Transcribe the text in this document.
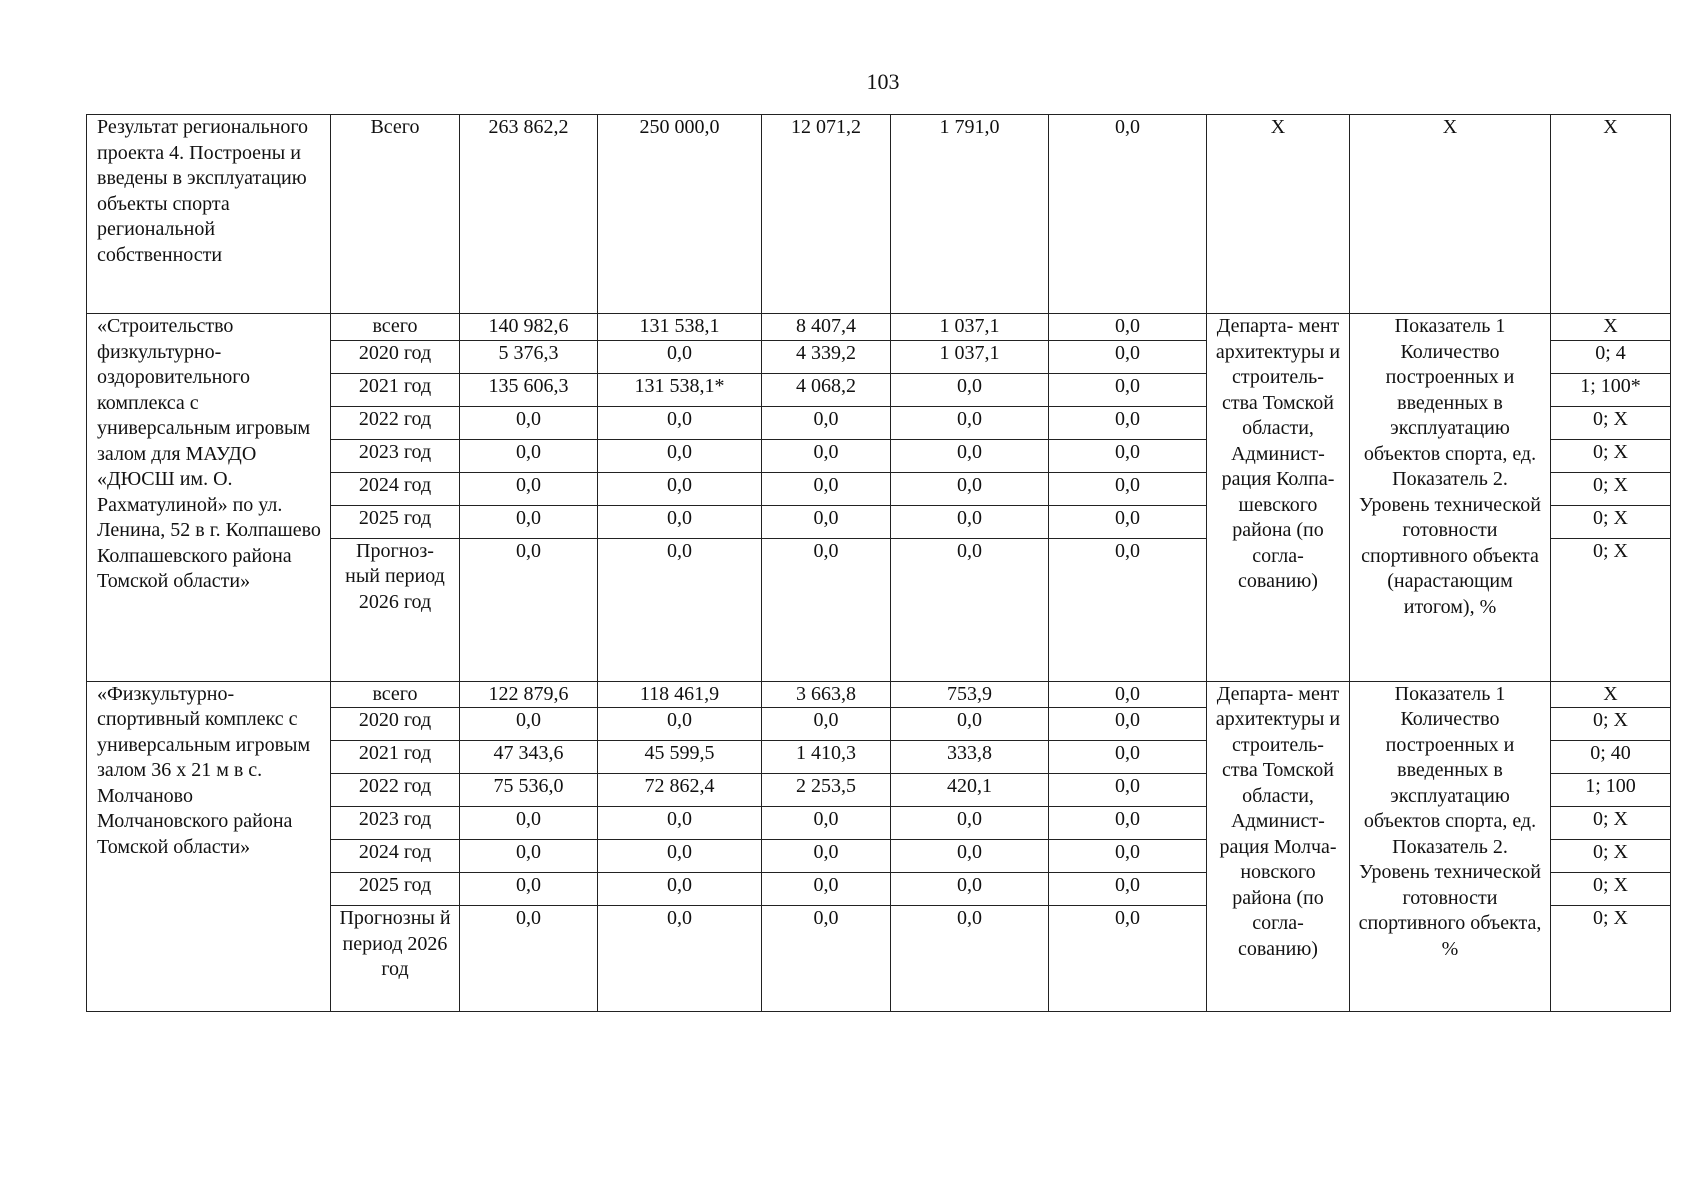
103
Результат регионального проекта 4. Построены и введены в эксплуатацию объекты спорта региональной собственности	Всего	263 862,2	250 000,0	12 071,2	1 791,0	0,0	X	X	X
«Строительство физкультурно- оздоровительного комплекса с универсальным игровым залом для МАУДО «ДЮСШ им. О. Рахматулиной» по ул. Ленина, 52 в г. Колпашево Колпашевского района Томской области»	всего	140 982,6	131 538,1	8 407,4	1 037,1	0,0	Департа- мент архитектуры и строитель- ства Томской области, Админист- рация Колпа- шевского района (по согла- сованию)	Показатель 1 Количество построенных и введенных в эксплуатацию объектов спорта, ед. Показатель 2. Уровень технической готовности спортивного объекта (нарастающим итогом), %	X
	2020 год	5 376,3	0,0	4 339,2	1 037,1	0,0			0; 4
	2021 год	135 606,3	131 538,1*	4 068,2	0,0	0,0			1; 100*
	2022 год	0,0	0,0	0,0	0,0	0,0			0; X
	2023 год	0,0	0,0	0,0	0,0	0,0			0; X
	2024 год	0,0	0,0	0,0	0,0	0,0			0; X
	2025 год	0,0	0,0	0,0	0,0	0,0			0; X
	Прогноз- ный период 2026 год	0,0	0,0	0,0	0,0	0,0			0; X
«Физкультурно- спортивный комплекс с универсальным игровым залом 36 х 21 м в с. Молчаново Молчановского района Томской области»	всего	122 879,6	118 461,9	3 663,8	753,9	0,0	Департа- мент архитектуры и строитель- ства Томской области, Админист- рация Молча- новского района (по согла- сованию)	Показатель 1 Количество построенных и введенных в эксплуатацию объектов спорта, ед. Показатель 2. Уровень технической готовности спортивного объекта, %	X
	2020 год	0,0	0,0	0,0	0,0	0,0			0; X
	2021 год	47 343,6	45 599,5	1 410,3	333,8	0,0			0; 40
	2022 год	75 536,0	72 862,4	2 253,5	420,1	0,0			1; 100
	2023 год	0,0	0,0	0,0	0,0	0,0			0; X
	2024 год	0,0	0,0	0,0	0,0	0,0			0; X
	2025 год	0,0	0,0	0,0	0,0	0,0			0; X
	Прогнозны й период 2026 год	0,0	0,0	0,0	0,0	0,0			0; X
